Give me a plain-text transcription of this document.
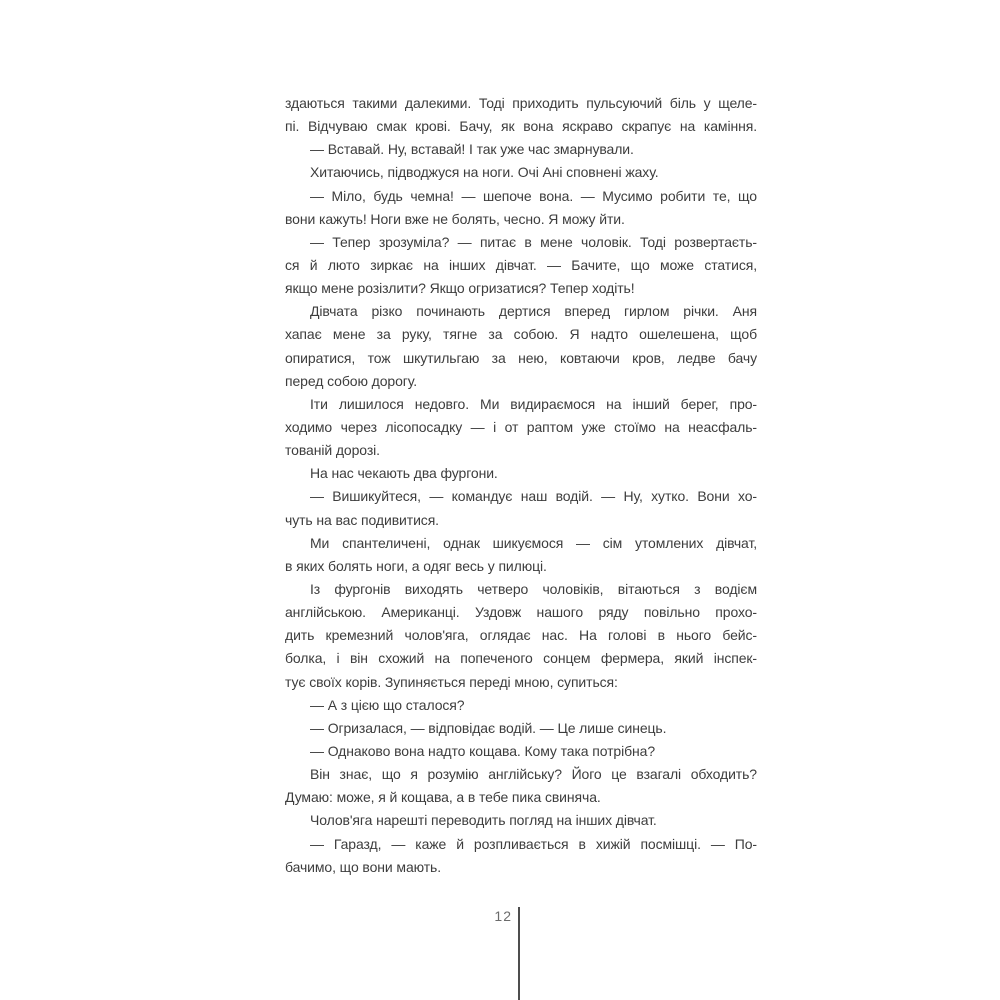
здаються такими далекими. Тоді приходить пульсуючий біль у щеле-
пі. Відчуваю смак крові. Бачу, як вона яскраво скрапує на каміння.
— Вставай. Ну, вставай! І так уже час змарнували.
Хитаючись, підводжуся на ноги. Очі Ані сповнені жаху.
— Міло, будь чемна! — шепоче вона. — Мусимо робити те, що
вони кажуть! Ноги вже не болять, чесно. Я можу йти.
— Тепер зрозуміла? — питає в мене чоловік. Тоді розвертаєть-
ся й люто зиркає на інших дівчат. — Бачите, що може статися,
якщо мене розізлити? Якщо огризатися? Тепер ходіть!
Дівчата різко починають дертися вперед гирлом річки. Аня
хапає мене за руку, тягне за собою. Я надто ошелешена, щоб
опиратися, тож шкутильгаю за нею, ковтаючи кров, ледве бачу
перед собою дорогу.
Іти лишилося недовго. Ми видираємося на інший берег, про-
ходимо через лісопосадку — і от раптом уже стоїмо на неасфаль-
тованій дорозі.
На нас чекають два фургони.
— Вишикуйтеся, — командує наш водій. — Ну, хутко. Вони хо-
чуть на вас подивитися.
Ми спантеличені, однак шикуємося — сім утомлених дівчат,
в яких болять ноги, а одяг весь у пилюці.
Із фургонів виходять четверо чоловіків, вітаються з водієм
англійською. Американці. Уздовж нашого ряду повільно прохо-
дить кремезний чолов'яга, оглядає нас. На голові в нього бейс-
болка, і він схожий на попеченого сонцем фермера, який інспек-
тує своїх корів. Зупиняється переді мною, супиться:
— А з цією що сталося?
— Огризалася, — відповідає водій. — Це лише синець.
— Однаково вона надто кощава. Кому така потрібна?
Він знає, що я розумію англійську? Його це взагалі обходить?
Думаю: може, я й кощава, а в тебе пика свиняча.
Чолов'яга нарешті переводить погляд на інших дівчат.
— Гаразд, — каже й розпливається в хижій посмішці. — По-
бачимо, що вони мають.
12
